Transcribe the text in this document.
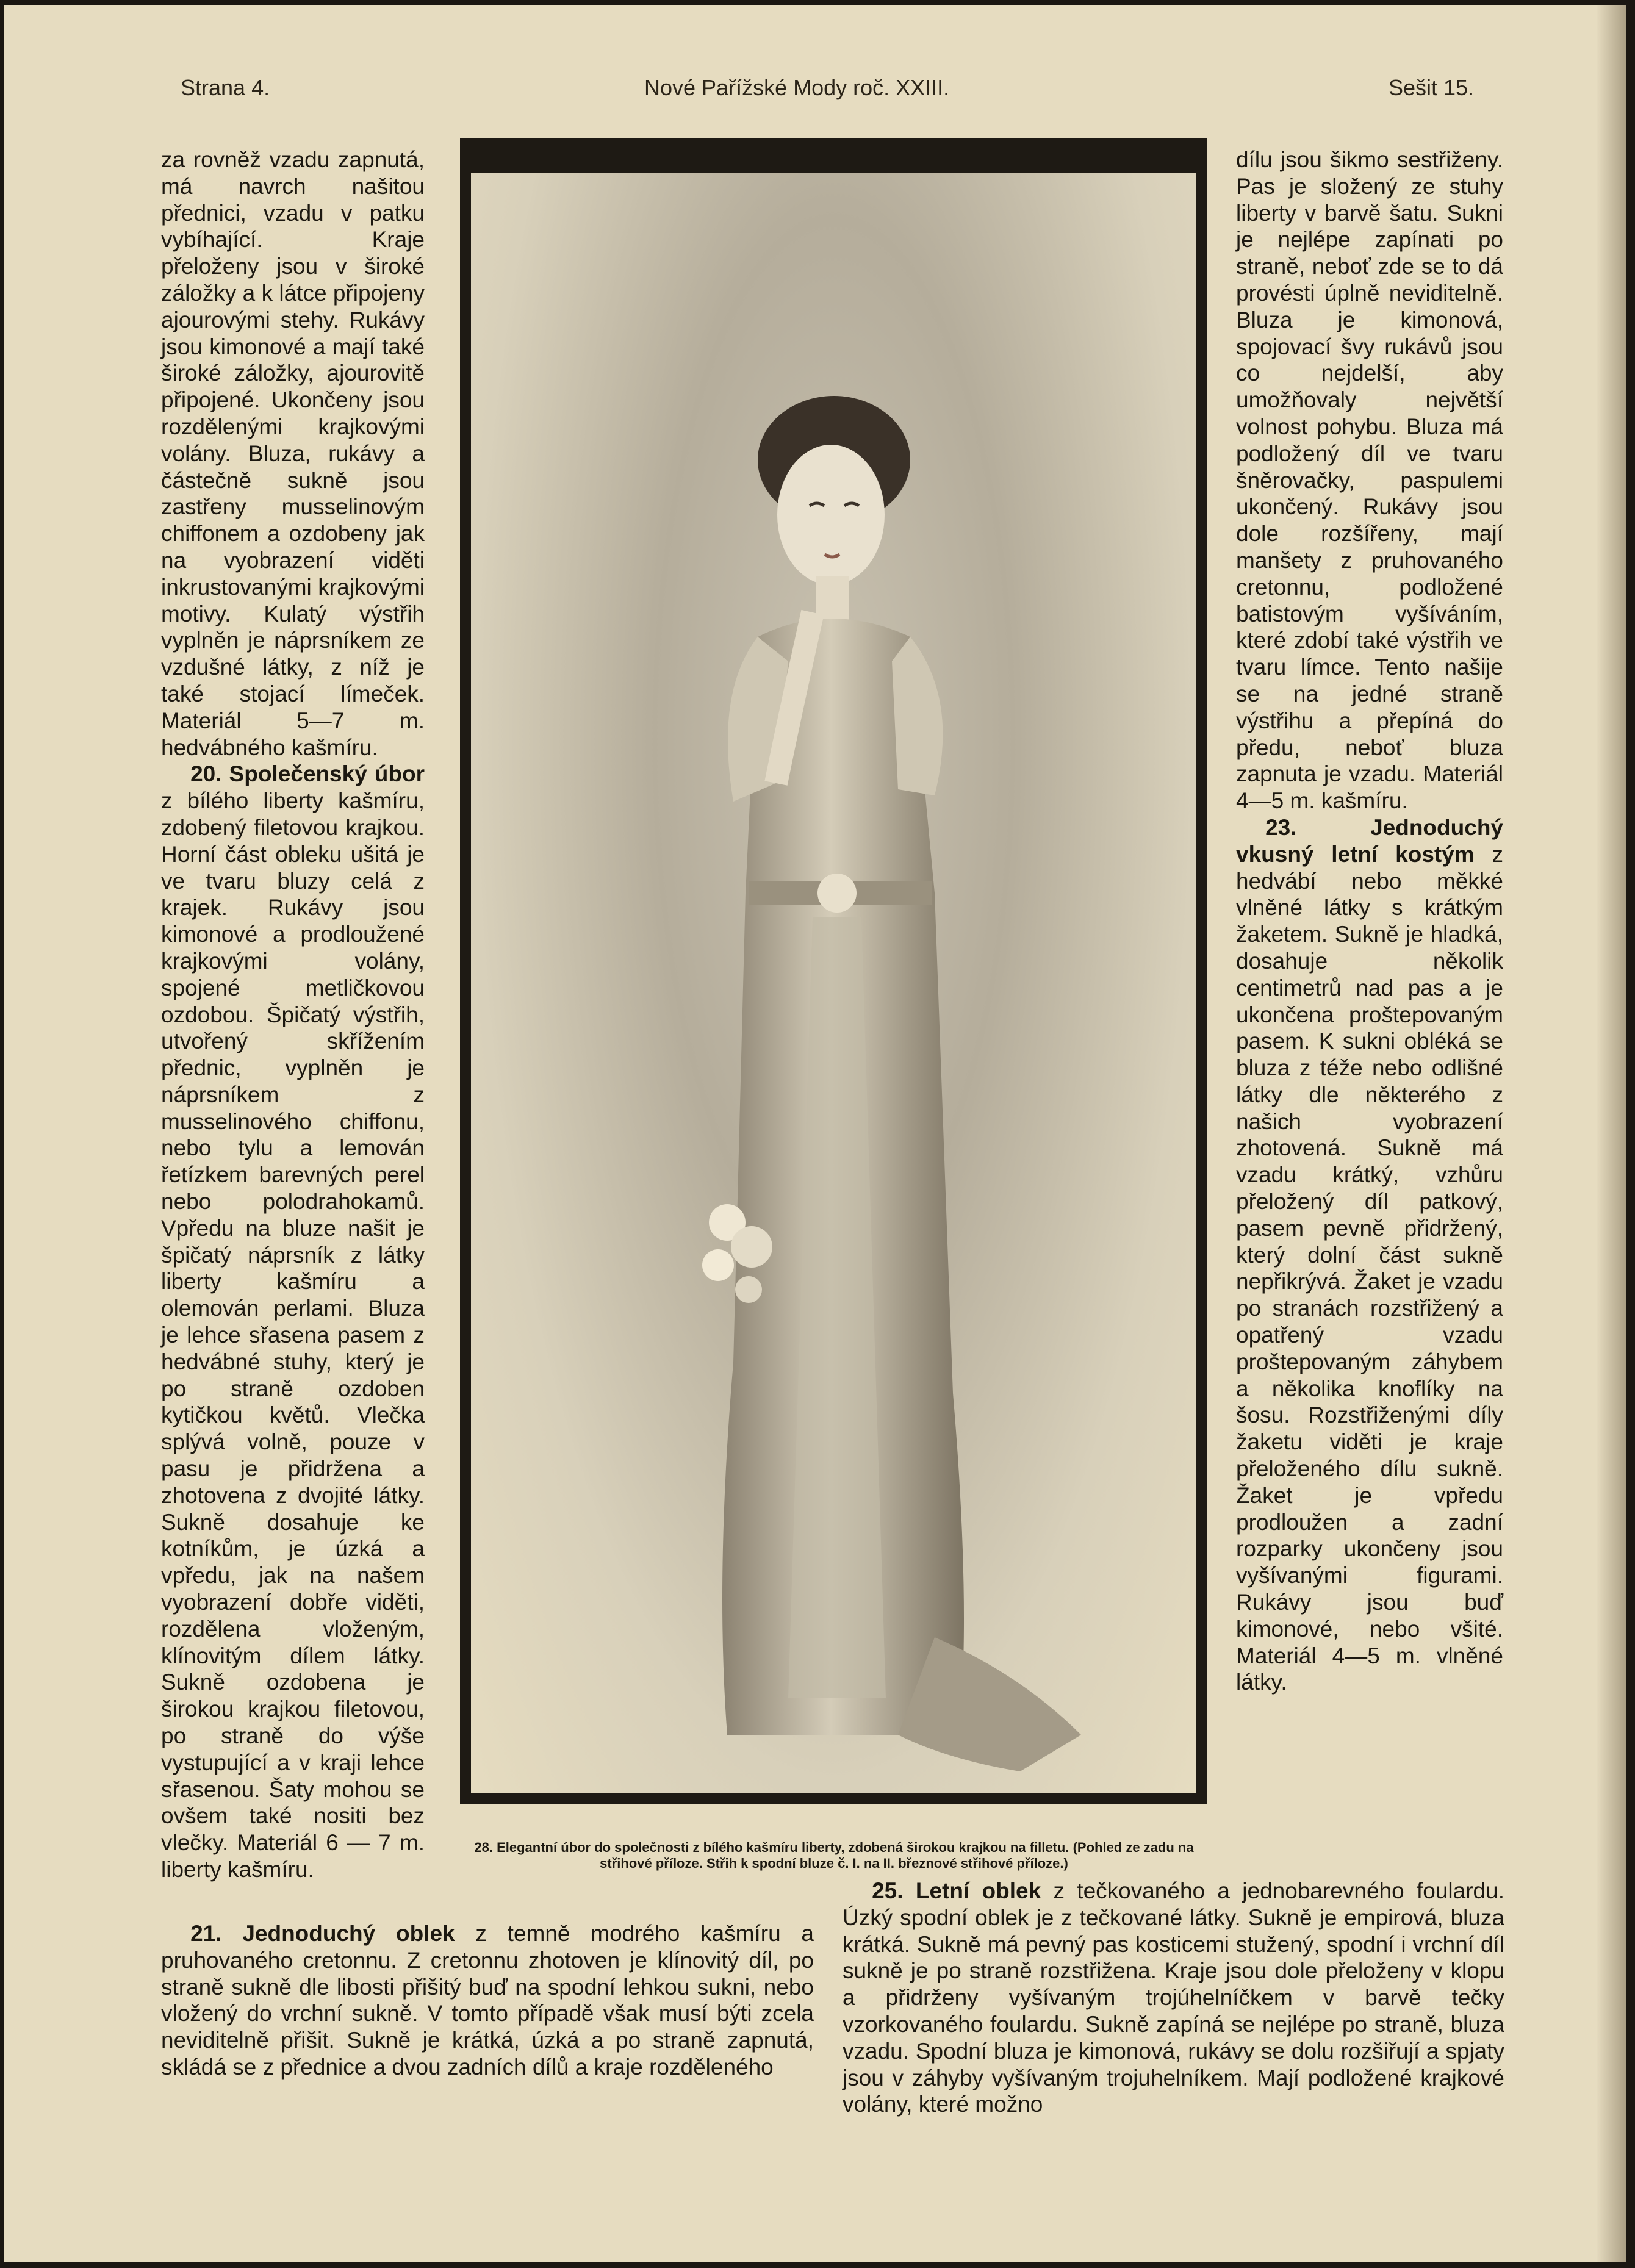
Strana 4.	Nové Pařížské Mody roč. XXIII.	Sešit 15.

za rovněž vzadu zapnutá, má navrch našitou přednici, vzadu v patku vybíhající. Kraje přeloženy jsou v široké záložky a k látce připojeny ajourovými stehy. Rukávy jsou kimonové a mají také široké záložky, ajourovitě připojené. Ukončeny jsou rozdělenými krajkovými volány. Bluza, rukávy a částečně sukně jsou zastřeny musselinovým chiffonem a ozdobeny jak na vyobrazení viděti inkrustovanými krajkovými motivy. Kulatý výstřih vyplněn je náprsníkem ze vzdušné látky, z níž je také stojací límeček. Materiál 5—7 m. hedvábného kašmíru.

20. Společenský úbor z bílého liberty kašmíru, zdobený filetovou krajkou. Horní část obleku ušitá je ve tvaru bluzy celá z krajek. Rukávy jsou kimonové a prodloužené krajkovými volány, spojené metličkovou ozdobou. Špičatý výstřih, utvořený skřížením přednic, vyplněn je náprsníkem z musselinového chiffonu, nebo tylu a lemován řetízkem barevných perel nebo polodrahokamů. Vpředu na bluze našit je špičatý náprsník z látky liberty kašmíru a olemován perlami. Bluza je lehce sřasena pasem z hedvábné stuhy, který je po straně ozdoben kytičkou květů. Vlečka splývá volně, pouze v pasu je přidržena a zhotovena z dvojité látky. Sukně dosahuje ke kotníkům, je úzká a vpředu, jak na našem vyobrazení dobře viděti, rozdělena vloženým, klínovitým dílem látky. Sukně ozdobena je širokou krajkou filetovou, po straně do výše vystupující a v kraji lehce sřasenou. Šaty mohou se ovšem také nositi bez vlečky. Materiál 6 — 7 m. liberty kašmíru.

dílu jsou šikmo sestřiženy. Pas je složený ze stuhy liberty v barvě šatu. Sukni je nejlépe zapínati po straně, neboť zde se to dá provésti úplně neviditelně. Bluza je kimonová, spojovací švy rukávů jsou co nejdelší, aby umožňovaly největší volnost pohybu. Bluza má podložený díl ve tvaru šněrovačky, paspulemi ukončený. Rukávy jsou dole rozšířeny, mají manšety z pruhovaného cretonnu, podložené batistovým vyšíváním, které zdobí také výstřih ve tvaru límce. Tento našije se na jedné straně výstřihu a přepíná do předu, neboť bluza zapnuta je vzadu. Materiál 4—5 m. kašmíru.

23.	Jednoduchý vkusný letní kostým z hedvábí nebo měkké vlněné látky s krátkým žaketem. Sukně je hladká, dosahuje několik centimetrů nad pas a je ukončena proštepovaným pasem. K sukni obléká se bluza z téže nebo odlišné látky dle některého z našich vyobrazení zhotovená. Sukně má vzadu krátký, vzhůru přeložený díl patkový, pasem pevně přidržený, který dolní část sukně nepřikrývá. Žaket je vzadu po stranách rozstřižený a opatřený vzadu proštepovaným záhybem a několika knoflíky na šosu. Rozstřiženými díly žaketu viděti je kraje přeloženého dílu sukně. Žaket je vpředu prodloužen a zadní rozparky ukončeny jsou vyšívanými figurami. Rukávy jsou buď kimonové, nebo všité. Materiál 4—5 m. vlněné látky.

21. Jednoduchý oblek z temně modrého kašmíru a pruhovaného cretonnu. Z cretonnu zhotoven je klínovitý díl, po straně sukně dle libosti přišitý buď na spodní lehkou sukni, nebo vložený do vrchní sukně. V tomto případě však musí býti zcela neviditelně přišit. Sukně je krátká, úzká a po straně zapnutá, skládá se z přednice a dvou zadních dílů a kraje rozděleného

25. Letní oblek z tečkovaného a jednobarevného foulardu. Úzký spodní oblek je z tečkované látky. Sukně je empirová, bluza krátká. Sukně má pevný pas kosticemi stužený, spodní i vrchní díl sukně je po straně rozstřižena. Kraje jsou dole přeloženy v klopu a přidrženy vyšívaným trojúhelníčkem v barvě tečky vzorkovaného foulardu. Sukně zapíná se nejlépe po straně, bluza vzadu. Spodní bluza je kimonová, rukávy se dolu rozšiřují a spjaty jsou v záhyby vyšívaným trojuhelníkem. Mají podložené krajkové volány, které možno

28. Elegantní úbor do společnosti z bílého kašmíru liberty, zdobená širokou krajkou na filletu. (Pohled ze zadu na střihové příloze. Střih k spodní bluze č. I. na II. březnové střihové příloze.)
